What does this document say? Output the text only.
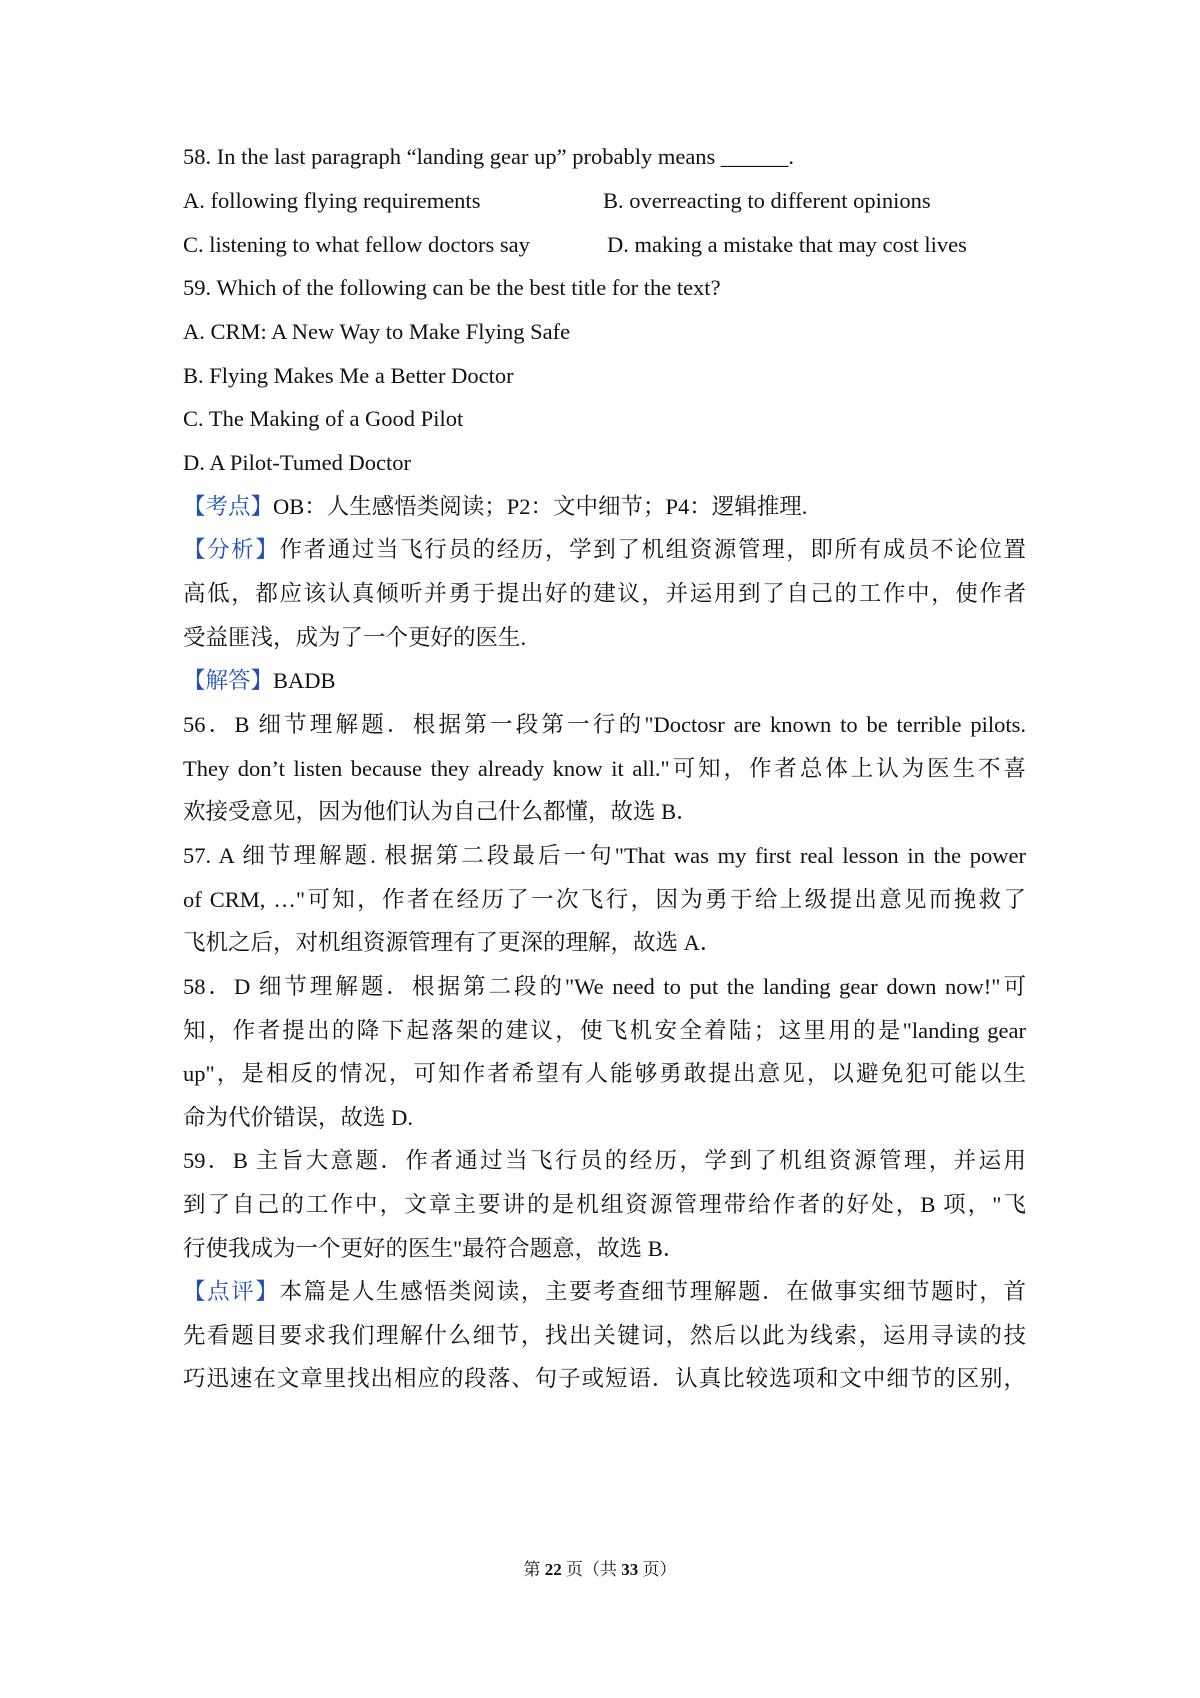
58. In the last paragraph “landing gear up” probably means ______.
A. following flying requirements	B. overreacting to different opinions
C. listening to what fellow doctors say	D. making a mistake that may cost lives
59. Which of the following can be the best title for the text?
A. CRM: A New Way to Make Flying Safe
B. Flying Makes Me a Better Doctor
C. The Making of a Good Pilot
D. A Pilot-Tumed Doctor
【考点】OB：人生感悟类阅读；P2：文中细节；P4：逻辑推理.
【分析】作者通过当飞行员的经历，学到了机组资源管理，即所有成员不论位置
高低，都应该认真倾听并勇于提出好的建议，并运用到了自己的工作中，使作者
受益匪浅，成为了一个更好的医生.
【解答】BADB
56．B 细节理解题．根据第一段第一行的"Doctosr are known to be terrible pilots.
They don’t listen because they already know it all."可知，作者总体上认为医生不喜
欢接受意见，因为他们认为自己什么都懂，故选 B．
57. A 细节理解题. 根据第二段最后一句"That was my first real lesson in the power
of CRM, …"可知，作者在经历了一次飞行，因为勇于给上级提出意见而挽救了
飞机之后，对机组资源管理有了更深的理解，故选 A．
58．D 细节理解题．根据第二段的"We need to put the landing gear down now!"可
知，作者提出的降下起落架的建议，使飞机安全着陆；这里用的是"landing gear
up"，是相反的情况，可知作者希望有人能够勇敢提出意见，以避免犯可能以生
命为代价错误，故选 D.
59．B 主旨大意题．作者通过当飞行员的经历，学到了机组资源管理，并运用
到了自己的工作中，文章主要讲的是机组资源管理带给作者的好处，B 项，"飞
行使我成为一个更好的医生"最符合题意，故选 B．
【点评】本篇是人生感悟类阅读，主要考查细节理解题．在做事实细节题时，首
先看题目要求我们理解什么细节，找出关键词，然后以此为线索，运用寻读的技
巧迅速在文章里找出相应的段落、句子或短语．认真比较选项和文中细节的区别，
第 22 页（共 33 页）
